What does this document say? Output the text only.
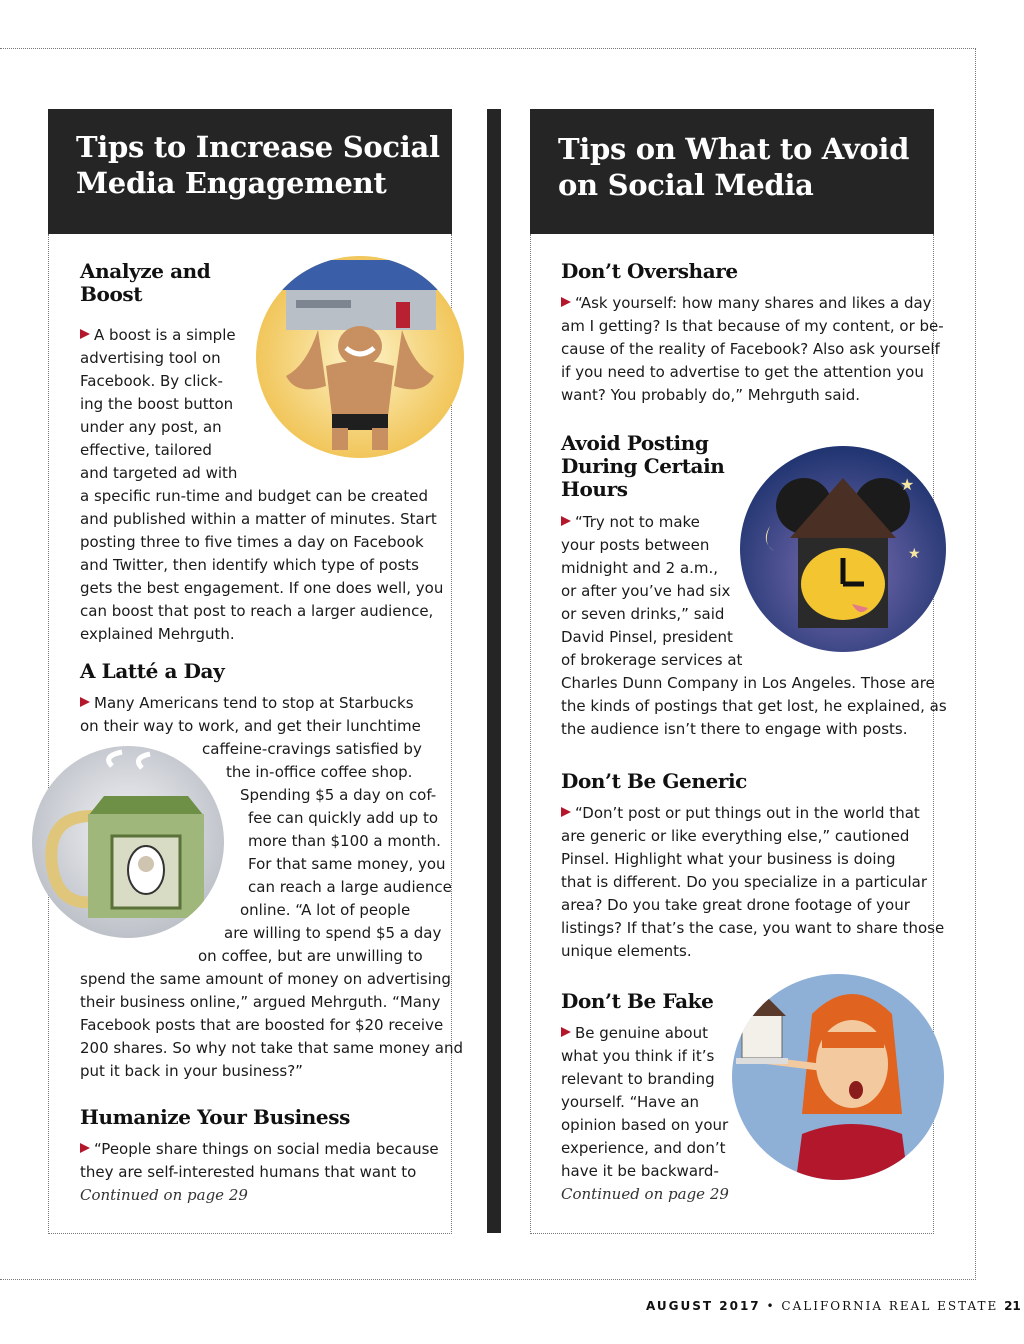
Tips to Increase Social
Media Engagement
Tips on What to Avoid
on Social Media
Analyze and
Boost

A boost is a simple
advertising tool on
Facebook. By click-
ing the boost button
under any post, an
effective, tailored
and targeted ad with
a specific run-time and budget can be created
and published within a matter of minutes. Start
posting three to five times a day on Facebook
and Twitter, then identify which type of posts
gets the best engagement. If one does well, you
can boost that post to reach a larger audience,
explained Mehrguth.

A Latté a Day

Many Americans tend to stop at Starbucks
on their way to work, and get their lunchtime
caffeine-cravings satisfied by
the in-office coffee shop.
Spending $5 a day on cof-
fee can quickly add up to
more than $100 a month.
For that same money, you
can reach a large audience
online. “A lot of people
are willing to spend $5 a day
on coffee, but are unwilling to
spend the same amount of money on advertising
their business online,” argued Mehrguth. “Many
Facebook posts that are boosted for $20 receive
200 shares. So why not take that same money and
put it back in your business?”

Humanize Your Business

“People share things on social media because
they are self-interested humans that want to
Continued on page 29

Don’t Overshare

“Ask yourself: how many shares and likes a day
am I getting? Is that because of my content, or be-
cause of the reality of Facebook? Also ask yourself
if you need to advertise to get the attention you
want? You probably do,” Mehrguth said.

★
★
Avoid Posting
During Certain
Hours

“Try not to make
your posts between
midnight and 2 a.m.,
or after you’ve had six
or seven drinks,” said
David Pinsel, president
of brokerage services at
Charles Dunn Company in Los Angeles. Those are
the kinds of postings that get lost, he explained, as
the audience isn’t there to engage with posts.

Don’t Be Generic

“Don’t post or put things out in the world that
are generic or like everything else,” cautioned
Pinsel. Highlight what your business is doing
that is different. Do you specialize in a particular
area? Do you take great drone footage of your
listings? If that’s the case, you want to share those
unique elements.

Don’t Be Fake

Be genuine about
what you think if it’s
relevant to branding
yourself. “Have an
opinion based on your
experience, and don’t
have it be backward-
Continued on page 29

AUGUST 2017 • CALIFORNIA REAL ESTATE 21
